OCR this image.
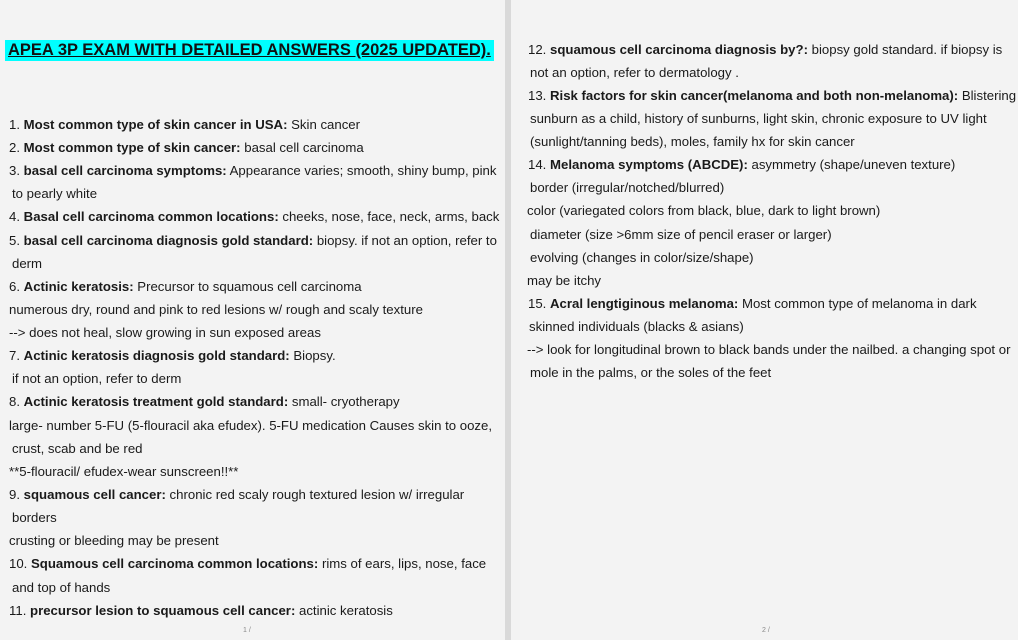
APEA 3P EXAM WITH DETAILED ANSWERS (2025 UPDATED).
1. Most common type of skin cancer in USA: Skin cancer
2. Most common type of skin cancer: basal cell carcinoma
3. basal cell carcinoma symptoms: Appearance varies; smooth, shiny bump, pink
to pearly white
4. Basal cell carcinoma common locations: cheeks, nose, face, neck, arms, back
5. basal cell carcinoma diagnosis gold standard: biopsy. if not an option, refer to
derm
6. Actinic keratosis: Precursor to squamous cell carcinoma
numerous dry, round and pink to red lesions w/ rough and scaly texture
--> does not heal, slow growing in sun exposed areas
7. Actinic keratosis diagnosis gold standard: Biopsy.
if not an option, refer to derm
8. Actinic keratosis treatment gold standard: small- cryotherapy
large- number 5-FU (5-flouracil aka efudex). 5-FU medication Causes skin to ooze,
crust, scab and be red
**5-flouracil/ efudex-wear sunscreen!!**
9. squamous cell cancer: chronic red scaly rough textured lesion w/ irregular
borders
crusting or bleeding may be present
10. Squamous cell carcinoma common locations: rims of ears, lips, nose, face
and top of hands
11. precursor lesion to squamous cell cancer: actinic keratosis
1 /
12. squamous cell carcinoma diagnosis by?: biopsy gold standard. if biopsy is
not an option, refer to dermatology .
13. Risk factors for skin cancer(melanoma and both non-melanoma): Blistering
sunburn as a child, history of sunburns, light skin, chronic exposure to UV light
(sunlight/tanning beds), moles, family hx for skin cancer
14. Melanoma symptoms (ABCDE): asymmetry (shape/uneven texture)
border (irregular/notched/blurred)
color (variegated colors from black, blue, dark to light brown)
diameter (size >6mm size of pencil eraser or larger)
evolving (changes in color/size/shape)
may be itchy
15. Acral lengtiginous melanoma: Most common type of melanoma in dark
skinned individuals (blacks & asians)
--> look for longitudinal brown to black bands under the nailbed. a changing spot or
mole in the palms, or the soles of the feet
2 /
